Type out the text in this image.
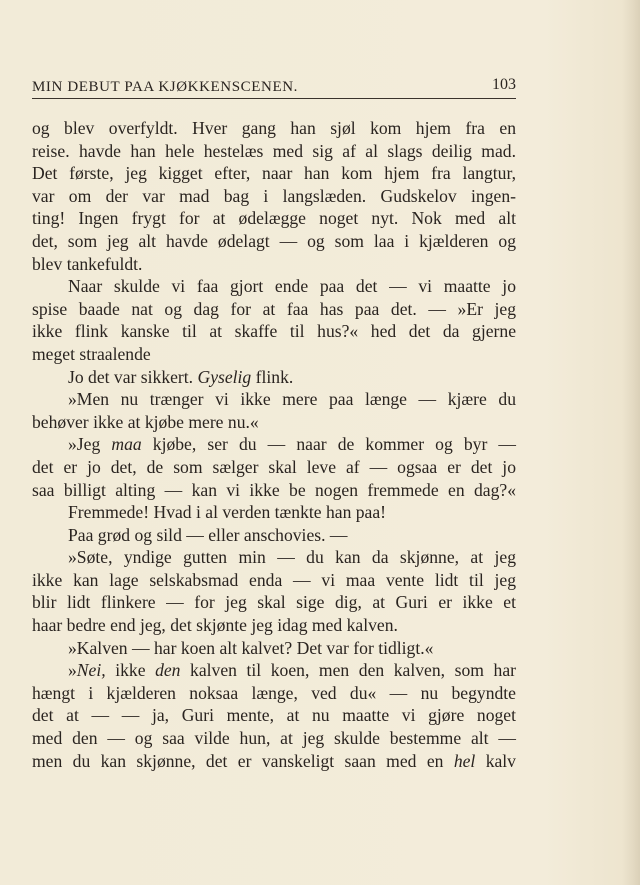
MIN DEBUT PAA KJØKKENSCENEN.	103
og blev overfyldt. Hver gang han sjøl kom hjem fra en
reise. havde han hele hestelæs med sig af al slags deilig mad.
Det første, jeg kigget efter, naar han kom hjem fra langtur,
var om der var mad bag i langslæden. Gudskelov ingen-
ting! Ingen frygt for at ødelægge noget nyt. Nok med alt
det, som jeg alt havde ødelagt — og som laa i kjælderen og
blev tankefuldt.
Naar skulde vi faa gjort ende paa det — vi maatte jo
spise baade nat og dag for at faa has paa det. — »Er jeg
ikke flink kanske til at skaffe til hus?« hed det da gjerne
meget straalende
Jo det var sikkert. Gyselig flink.
»Men nu trænger vi ikke mere paa længe — kjære du
behøver ikke at kjøbe mere nu.«
»Jeg maa kjøbe, ser du — naar de kommer og byr —
det er jo det, de som sælger skal leve af — ogsaa er det jo
saa billigt alting — kan vi ikke be nogen fremmede en dag?«
Fremmede! Hvad i al verden tænkte han paa!
Paa grød og sild — eller anschovies. —
»Søte, yndige gutten min — du kan da skjønne, at jeg
ikke kan lage selskabsmad enda — vi maa vente lidt til jeg
blir lidt flinkere — for jeg skal sige dig, at Guri er ikke et
haar bedre end jeg, det skjønte jeg idag med kalven.
»Kalven — har koen alt kalvet? Det var for tidligt.«
»Nei, ikke den kalven til koen, men den kalven, som har
hængt i kjælderen noksaa længe, ved du« — nu begyndte
det at — — ja, Guri mente, at nu maatte vi gjøre noget
med den — og saa vilde hun, at jeg skulde bestemme alt —
men du kan skjønne, det er vanskeligt saan med en hel kalv
